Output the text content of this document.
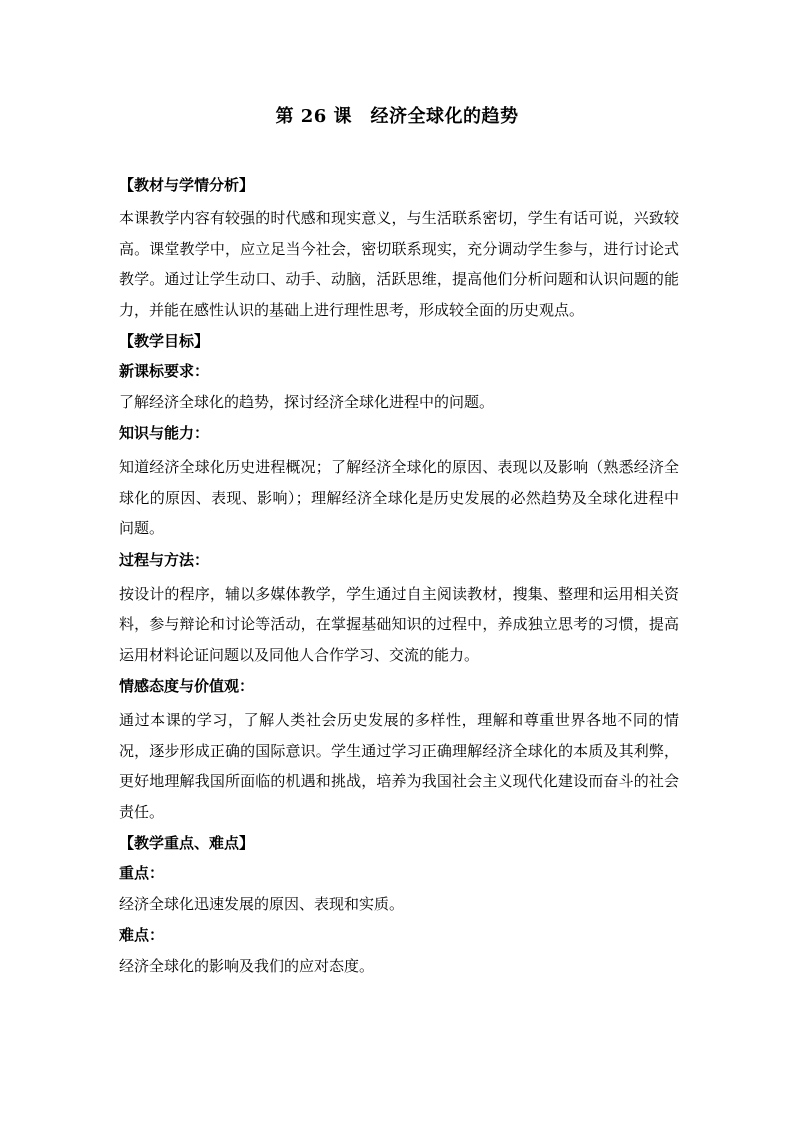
第 26 课　经济全球化的趋势
【教材与学情分析】
本课教学内容有较强的时代感和现实意义，与生活联系密切，学生有话可说，兴致较高。课堂教学中，应立足当今社会，密切联系现实，充分调动学生参与，进行讨论式教学。通过让学生动口、动手、动脑，活跃思维，提高他们分析问题和认识问题的能力，并能在感性认识的基础上进行理性思考，形成较全面的历史观点。
【教学目标】
新课标要求：
了解经济全球化的趋势，探讨经济全球化进程中的问题。
知识与能力：
知道经济全球化历史进程概况；了解经济全球化的原因、表现以及影响（熟悉经济全球化的原因、表现、影响）；理解经济全球化是历史发展的必然趋势及全球化进程中问题。
过程与方法：
按设计的程序，辅以多媒体教学，学生通过自主阅读教材，搜集、整理和运用相关资料，参与辩论和讨论等活动，在掌握基础知识的过程中，养成独立思考的习惯，提高运用材料论证问题以及同他人合作学习、交流的能力。
情感态度与价值观：
通过本课的学习，了解人类社会历史发展的多样性，理解和尊重世界各地不同的情况，逐步形成正确的国际意识。学生通过学习正确理解经济全球化的本质及其利弊，更好地理解我国所面临的机遇和挑战，培养为我国社会主义现代化建设而奋斗的社会责任。
【教学重点、难点】
重点：
经济全球化迅速发展的原因、表现和实质。
难点：
经济全球化的影响及我们的应对态度。
